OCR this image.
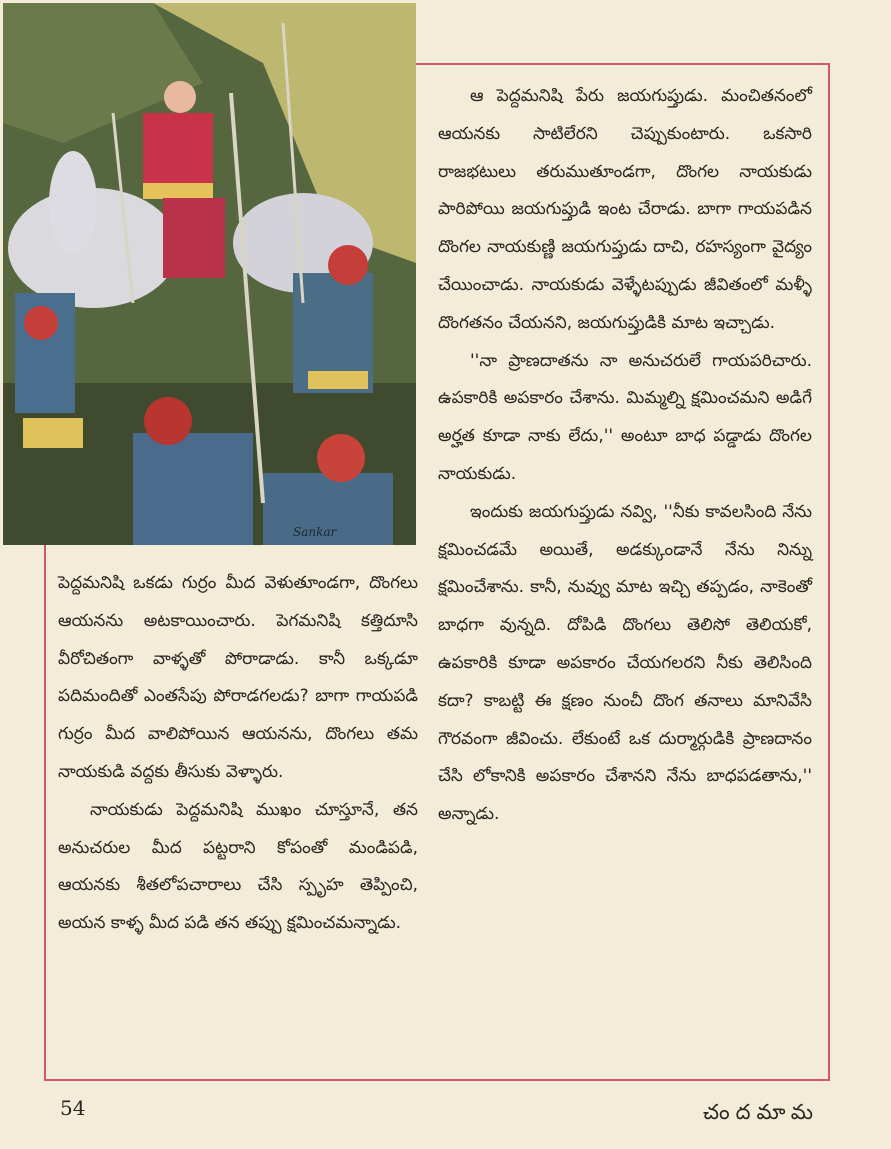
Sankar

ఆ పెద్దమనిషి పేరు జయగుప్తుడు. మంచితనంలో ఆయనకు సాటిలేరని చెప్పుకుంటారు. ఒకసారి రాజభటులు తరుముతూండగా, దొంగల నాయకుడు పారిపోయి జయగుప్తుడి ఇంట చేరాడు. బాగా గాయపడిన దొంగల నాయకుణ్ణి జయగుప్తుడు దాచి, రహస్యంగా వైద్యం చేయించాడు. నాయకుడు వెళ్ళేటప్పుడు జీవితంలో మళ్ళీ దొంగతనం చేయనని, జయగుప్తుడికి మాట ఇచ్చాడు.

''నా ప్రాణదాతను నా అనుచరులే గాయపరిచారు. ఉపకారికి అపకారం చేశాను. మిమ్మల్ని క్షమించమని అడిగే అర్హత కూడా నాకు లేదు,'' అంటూ బాధ పడ్డాడు దొంగల నాయకుడు.

ఇందుకు జయగుప్తుడు నవ్వి, ''నీకు కావలసింది నేను క్షమించడమే అయితే, అడక్కుండానే నేను నిన్ను క్షమించేశాను. కానీ, నువ్వు మాట ఇచ్చి తప్పడం, నాకెంతో బాధగా వున్నది. దోపిడి దొంగలు తెలిసో తెలియకో, ఉపకారికి కూడా అపకారం చేయగలరని నీకు తెలిసింది కదా? కాబట్టి ఈ క్షణం నుంచీ దొంగ తనాలు మానివేసి గౌరవంగా జీవించు. లేకుంటే ఒక దుర్మార్గుడికి ప్రాణదానం చేసి లోకానికి అపకారం చేశానని నేను బాధపడతాను,'' అన్నాడు.

పెద్దమనిషి ఒకడు గుర్రం మీద వెళుతూండగా, దొంగలు ఆయనను అటకాయించారు. పెగమనిషి కత్తిదూసి వీరోచితంగా వాళ్ళతో పోరాడాడు. కానీ ఒక్కడూ పదిమందితో ఎంతసేపు పోరాడగలడు? బాగా గాయపడి గుర్రం మీద వాలిపోయిన ఆయనను, దొంగలు తమ నాయకుడి వద్దకు తీసుకు వెళ్ళారు.

నాయకుడు పెద్దమనిషి ముఖం చూస్తూనే, తన అనుచరుల మీద పట్టరాని కోపంతో మండిపడి, ఆయనకు శీతలోపచారాలు చేసి స్పృహ తెప్పించి, అయన కాళ్ళ మీద పడి తన తప్పు క్షమించమన్నాడు.

54	చందమామ
